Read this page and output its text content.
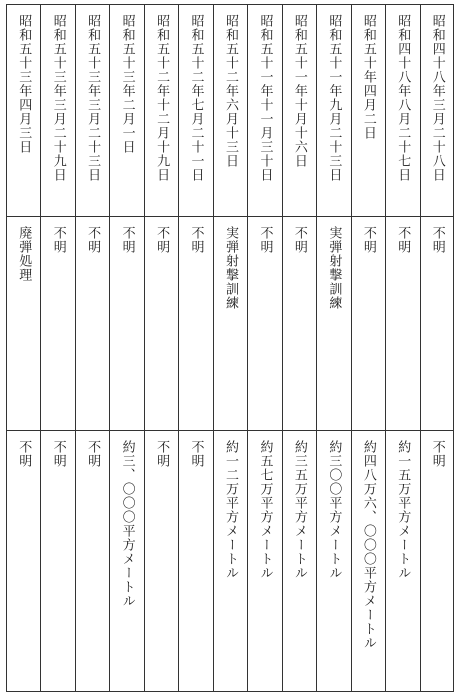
昭和四十八年三月二十八日
不明
不明
昭和四十八年八月二十七日
不明
約一五万平方メートル
昭和五十年四月二日
不明
約四八万六、〇〇〇平方メートル
昭和五十一年九月二十三日
実弾射撃訓練
約三〇〇平方メートル
昭和五十一年十月十六日
不明
約三五万平方メートル
昭和五十一年十一月三十日
不明
約五七万平方メートル
昭和五十二年六月十三日
実弾射撃訓練
約一二万平方メートル
昭和五十二年七月二十一日
不明
不明
昭和五十二年十二月十九日
不明
不明
昭和五十三年二月一日
不明
約三、〇〇〇平方メートル
昭和五十三年三月二十三日
不明
不明
昭和五十三年三月二十九日
不明
不明
昭和五十三年四月三日
廃弾処理
不明
